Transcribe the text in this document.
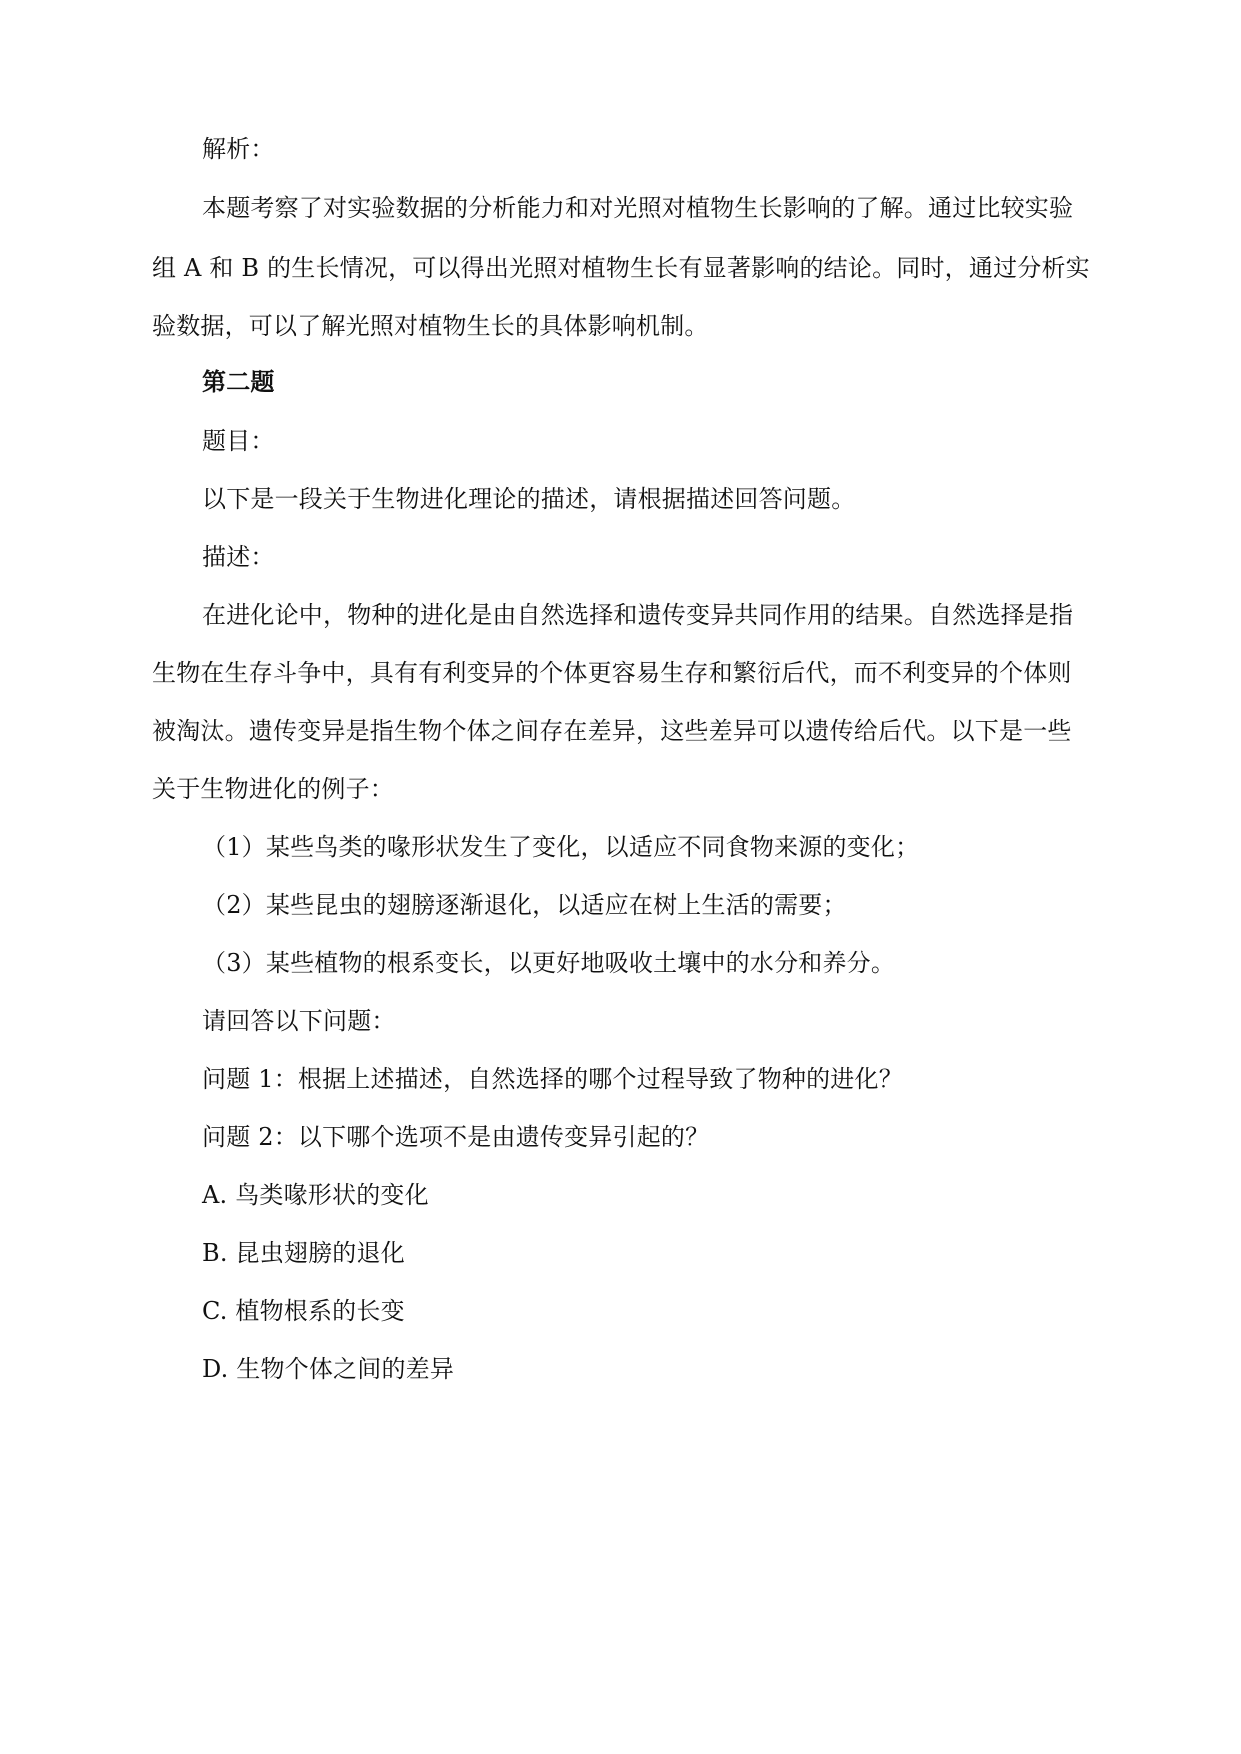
解析：
本题考察了对实验数据的分析能力和对光照对植物生长影响的了解。通过比较实验
组 A 和 B 的生长情况，可以得出光照对植物生长有显著影响的结论。同时，通过分析实
验数据，可以了解光照对植物生长的具体影响机制。
第二题
题目：
以下是一段关于生物进化理论的描述，请根据描述回答问题。
描述：
在进化论中，物种的进化是由自然选择和遗传变异共同作用的结果。自然选择是指
生物在生存斗争中，具有有利变异的个体更容易生存和繁衍后代，而不利变异的个体则
被淘汰。遗传变异是指生物个体之间存在差异，这些差异可以遗传给后代。以下是一些
关于生物进化的例子：
（1）某些鸟类的喙形状发生了变化，以适应不同食物来源的变化；
（2）某些昆虫的翅膀逐渐退化，以适应在树上生活的需要；
（3）某些植物的根系变长，以更好地吸收土壤中的水分和养分。
请回答以下问题：
问题 1：根据上述描述，自然选择的哪个过程导致了物种的进化？
问题 2：以下哪个选项不是由遗传变异引起的？
A. 鸟类喙形状的变化
B. 昆虫翅膀的退化
C. 植物根系的长变
D. 生物个体之间的差异
